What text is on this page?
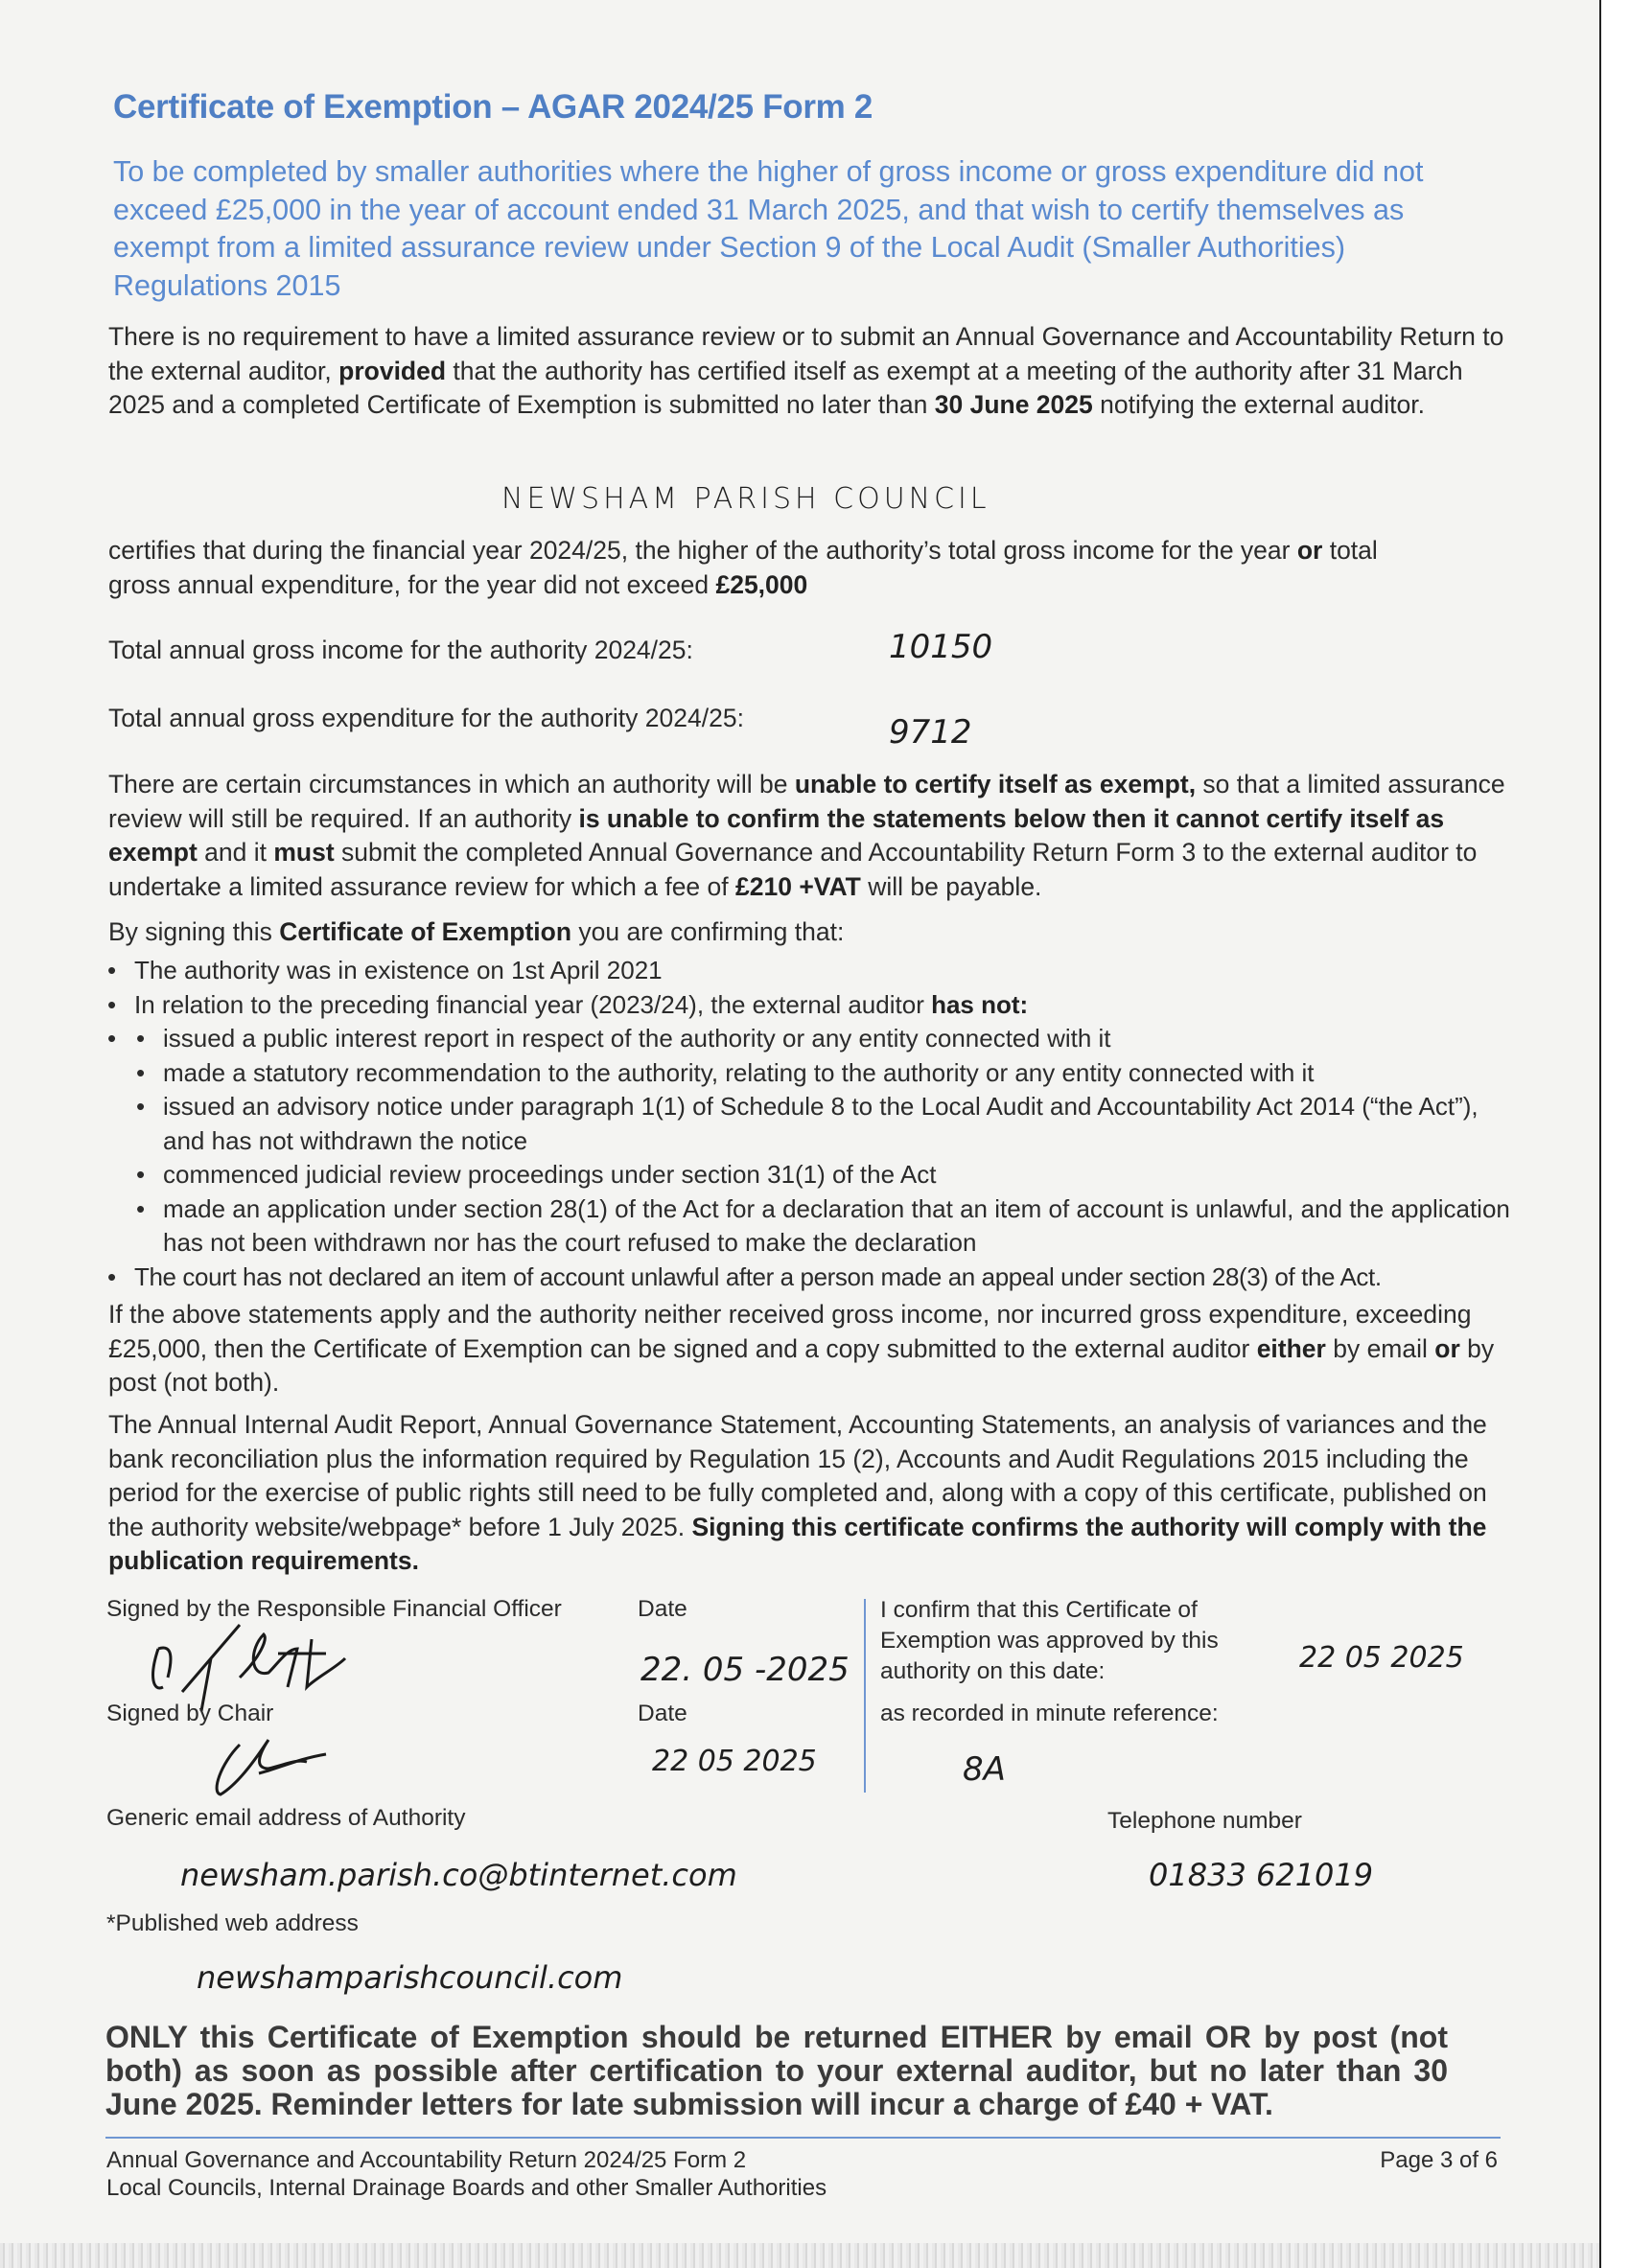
Certificate of Exemption – AGAR 2024/25 Form 2
To be completed by smaller authorities where the higher of gross income or gross expenditure did not exceed £25,000 in the year of account ended 31 March 2025, and that wish to certify themselves as exempt from a limited assurance review under Section 9 of the Local Audit (Smaller Authorities) Regulations 2015
There is no requirement to have a limited assurance review or to submit an Annual Governance and Accountability Return to the external auditor, provided that the authority has certified itself as exempt at a meeting of the authority after 31 March 2025 and a completed Certificate of Exemption is submitted no later than 30 June 2025 notifying the external auditor.
NEWSHAM PARISH COUNCIL
certifies that during the financial year 2024/25, the higher of the authority’s total gross income for the year or total gross annual expenditure, for the year did not exceed £25,000
Total annual gross income for the authority 2024/25:	10150
Total annual gross expenditure for the authority 2024/25:	9712
There are certain circumstances in which an authority will be unable to certify itself as exempt, so that a limited assurance review will still be required. If an authority is unable to confirm the statements below then it cannot certify itself as exempt and it must submit the completed Annual Governance and Accountability Return Form 3 to the external auditor to undertake a limited assurance review for which a fee of £210 +VAT will be payable.
By signing this Certificate of Exemption you are confirming that:
• The authority was in existence on 1st April 2021
• In relation to the preceding financial year (2023/24), the external auditor has not:
• • issued a public interest report in respect of the authority or any entity connected with it
• made a statutory recommendation to the authority, relating to the authority or any entity connected with it
• issued an advisory notice under paragraph 1(1) of Schedule 8 to the Local Audit and Accountability Act 2014 (“the Act”), and has not withdrawn the notice
• commenced judicial review proceedings under section 31(1) of the Act
• made an application under section 28(1) of the Act for a declaration that an item of account is unlawful, and the application has not been withdrawn nor has the court refused to make the declaration
• The court has not declared an item of account unlawful after a person made an appeal under section 28(3) of the Act.
If the above statements apply and the authority neither received gross income, nor incurred gross expenditure, exceeding £25,000, then the Certificate of Exemption can be signed and a copy submitted to the external auditor either by email or by post (not both).
The Annual Internal Audit Report, Annual Governance Statement, Accounting Statements, an analysis of variances and the bank reconciliation plus the information required by Regulation 15 (2), Accounts and Audit Regulations 2015 including the period for the exercise of public rights still need to be fully completed and, along with a copy of this certificate, published on the authority website/webpage* before 1 July 2025. Signing this certificate confirms the authority will comply with the publication requirements.
Signed by the Responsible Financial Officer	Date
22. 05 -2025
Signed by Chair	Date
22 05 2025
I confirm that this Certificate of Exemption was approved by this authority on this date:	22 05 2025
as recorded in minute reference:
8A
Generic email address of Authority	Telephone number
newsham.parish.co@btinternet.com	01833 621019
*Published web address
newshamparishcouncil.com
ONLY this Certificate of Exemption should be returned EITHER by email OR by post (not both) as soon as possible after certification to your external auditor, but no later than 30 June 2025. Reminder letters for late submission will incur a charge of £40 + VAT.
Annual Governance and Accountability Return 2024/25 Form 2
Local Councils, Internal Drainage Boards and other Smaller Authorities
Page 3 of 6
